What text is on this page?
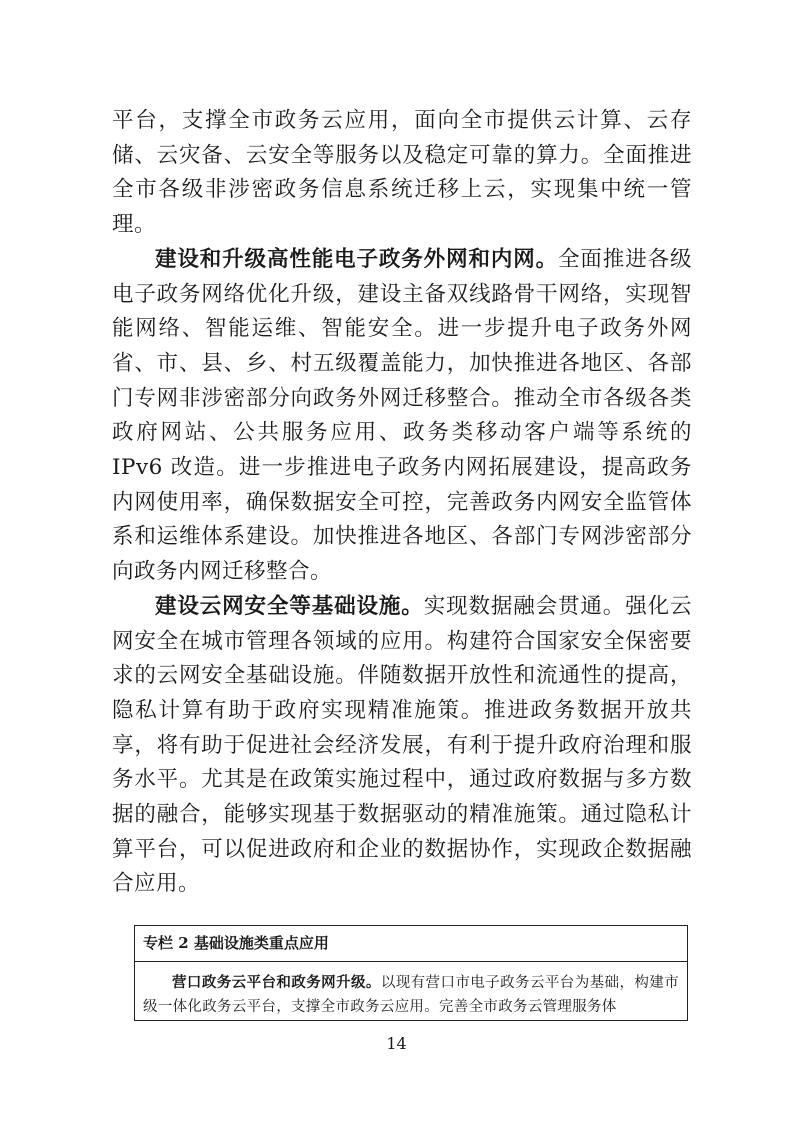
平台，支撑全市政务云应用，面向全市提供云计算、云存储、云灾备、云安全等服务以及稳定可靠的算力。全面推进全市各级非涉密政务信息系统迁移上云，实现集中统一管理。

建设和升级高性能电子政务外网和内网。全面推进各级电子政务网络优化升级，建设主备双线路骨干网络，实现智能网络、智能运维、智能安全。进一步提升电子政务外网省、市、县、乡、村五级覆盖能力，加快推进各地区、各部门专网非涉密部分向政务外网迁移整合。推动全市各级各类政府网站、公共服务应用、政务类移动客户端等系统的 IPv6 改造。进一步推进电子政务内网拓展建设，提高政务内网使用率，确保数据安全可控，完善政务内网安全监管体系和运维体系建设。加快推进各地区、各部门专网涉密部分向政务内网迁移整合。

建设云网安全等基础设施。实现数据融会贯通。强化云网安全在城市管理各领域的应用。构建符合国家安全保密要求的云网安全基础设施。伴随数据开放性和流通性的提高，隐私计算有助于政府实现精准施策。推进政务数据开放共享，将有助于促进社会经济发展，有利于提升政府治理和服务水平。尤其是在政策实施过程中，通过政府数据与多方数据的融合，能够实现基于数据驱动的精准施策。通过隐私计算平台，可以促进政府和企业的数据协作，实现政企数据融合应用。

专栏 2 基础设施类重点应用
营口政务云平台和政务网升级。以现有营口市电子政务云平台为基础，构建市级一体化政务云平台，支撑全市政务云应用。完善全市政务云管理服务体
14
